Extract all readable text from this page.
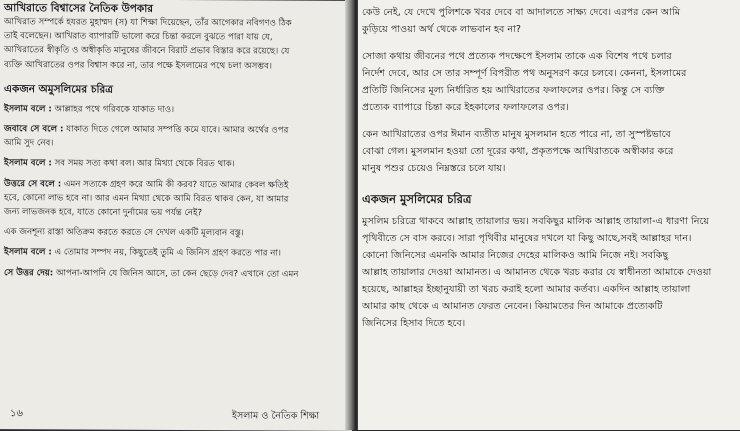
আখিরাতে বিশ্বাসের নৈতিক উপকার
আখিরাত সম্পর্কে হযরত মুহাম্মদ (স) যা শিক্ষা দিয়েছেন, তাঁর আগেকার নবিগণও ঠিক
তাই বলেছেন। আখিরাত ব্যাপারটি ভালো করে চিন্তা করলে বুঝতে পারা যায় যে,
আখিরাতের স্বীকৃতি ও অস্বীকৃতি মানুষের জীবনে বিরাট প্রভাব বিস্তার করে রয়েছে। যে
ব্যক্তি আখিরাতের ওপর বিশ্বাস করে না, তার পক্ষে ইসলামের পথে চলা অসম্ভব।
একজন অমুসলিমের চরিত্র
ইসলাম বলে : আল্লাহর পথে গরিবকে যাকাত দাও।
জবাবে সে বলে : যাকাত দিতে গেলে আমার সম্পত্তি কমে যাবে। আমার অর্থের ওপর
আমি সুদ নেব।
ইসলাম বলে : সব সময় সত্য কথা বল। আর মিথ্যা থেকে বিরত থাক।
উত্তরে সে বলে : এমন সত্যকে গ্রহণ করে আমি কী করব? যাতে আমার কেবল ক্ষতিই
হবে, কোনো লাভ হবে না। আর এমন মিথ্যা থেকে আমি বিরত থাকব কেন, যা আমার
জন্য লাভজনক হবে, যাতে কোনো দুর্নামের ভয় পর্যন্ত নেই?
এক জনশূন্য রাস্তা অতিক্রম করতে করতে সে দেখল একটি মূল্যবান বস্তু।
ইসলাম বলে : এ তোমার সম্পদ নয়, কিছুতেই তুমি এ জিনিস গ্রহণ করতে পার না।
সে উত্তর দেয়: আপনা-আপনি যে জিনিস আসে, তা কেন ছেড়ে দেব? এখানে তো এমন
১৬	ইসলাম ও নৈতিক শিক্ষা
কেউ নেই, যে দেখে পুলিশকে খবর দেবে বা আদালতে সাক্ষ্য দেবে। এরপর কেন আমি
কুড়িয়ে পাওয়া অর্থ থেকে লাভবান হব না?
সোজা কথায় জীবনের পথে প্রত্যেক পদক্ষেপে ইসলাম তাকে এক বিশেষ পথে চলার
নির্দেশ দেবে, আর সে তার সম্পূর্ণ বিপরীত পথ অনুসরণ করে চলবে। কেননা, ইসলামের
প্রতিটি জিনিসের মূল্য নির্ধারিত হয় আখিরাতের ফলাফলের ওপর। কিন্তু সে ব্যক্তি
প্রত্যেক ব্যাপারে চিন্তা করে ইহকালের ফলাফলের ওপর।
কেন আখিরাতের ওপর ঈমান ব্যতীত মানুষ মুসলমান হতে পারে না, তা সুস্পষ্টভাবে
বোঝা গেল। মুসলমান হওয়া তো দূরের কথা, প্রকৃতপক্ষে আখিরাতকে অস্বীকার করে
মানুষ পশুর চেয়েও নিম্নস্তরে চলে যায়।
একজন মুসলিমের চরিত্র
মুসলিম চরিত্রে থাকবে আল্লাহ তায়ালার ভয়। সবকিছুর মালিক আল্লাহ তায়ালা-এ ধারণা নিয়ে
পৃথিবীতে সে বাস করবে। সারা পৃথিবীর মানুষের দখলে যা কিছু আছে,সবই আল্লাহর দান।
কোনো জিনিসের এমনকি আমার নিজের দেহের মালিকও আমি নিজে নই। সবকিছু
আল্লাহ তায়ালার দেওয়া আমানত। এ আমানত থেকে খরচ করার যে স্বাধীনতা আমাকে দেওয়া
হয়েছে, আল্লাহর ইচ্ছানুযায়ী তা খরচ করাই হলো আমার কর্তব্য। একদিন আল্লাহ তায়ালা
আমার কাছ থেকে এ আমানত ফেরত নেবেন। কিয়ামতের দিন আমাকে প্রত্যেকটি
জিনিসের হিসাব দিতে হবে।
